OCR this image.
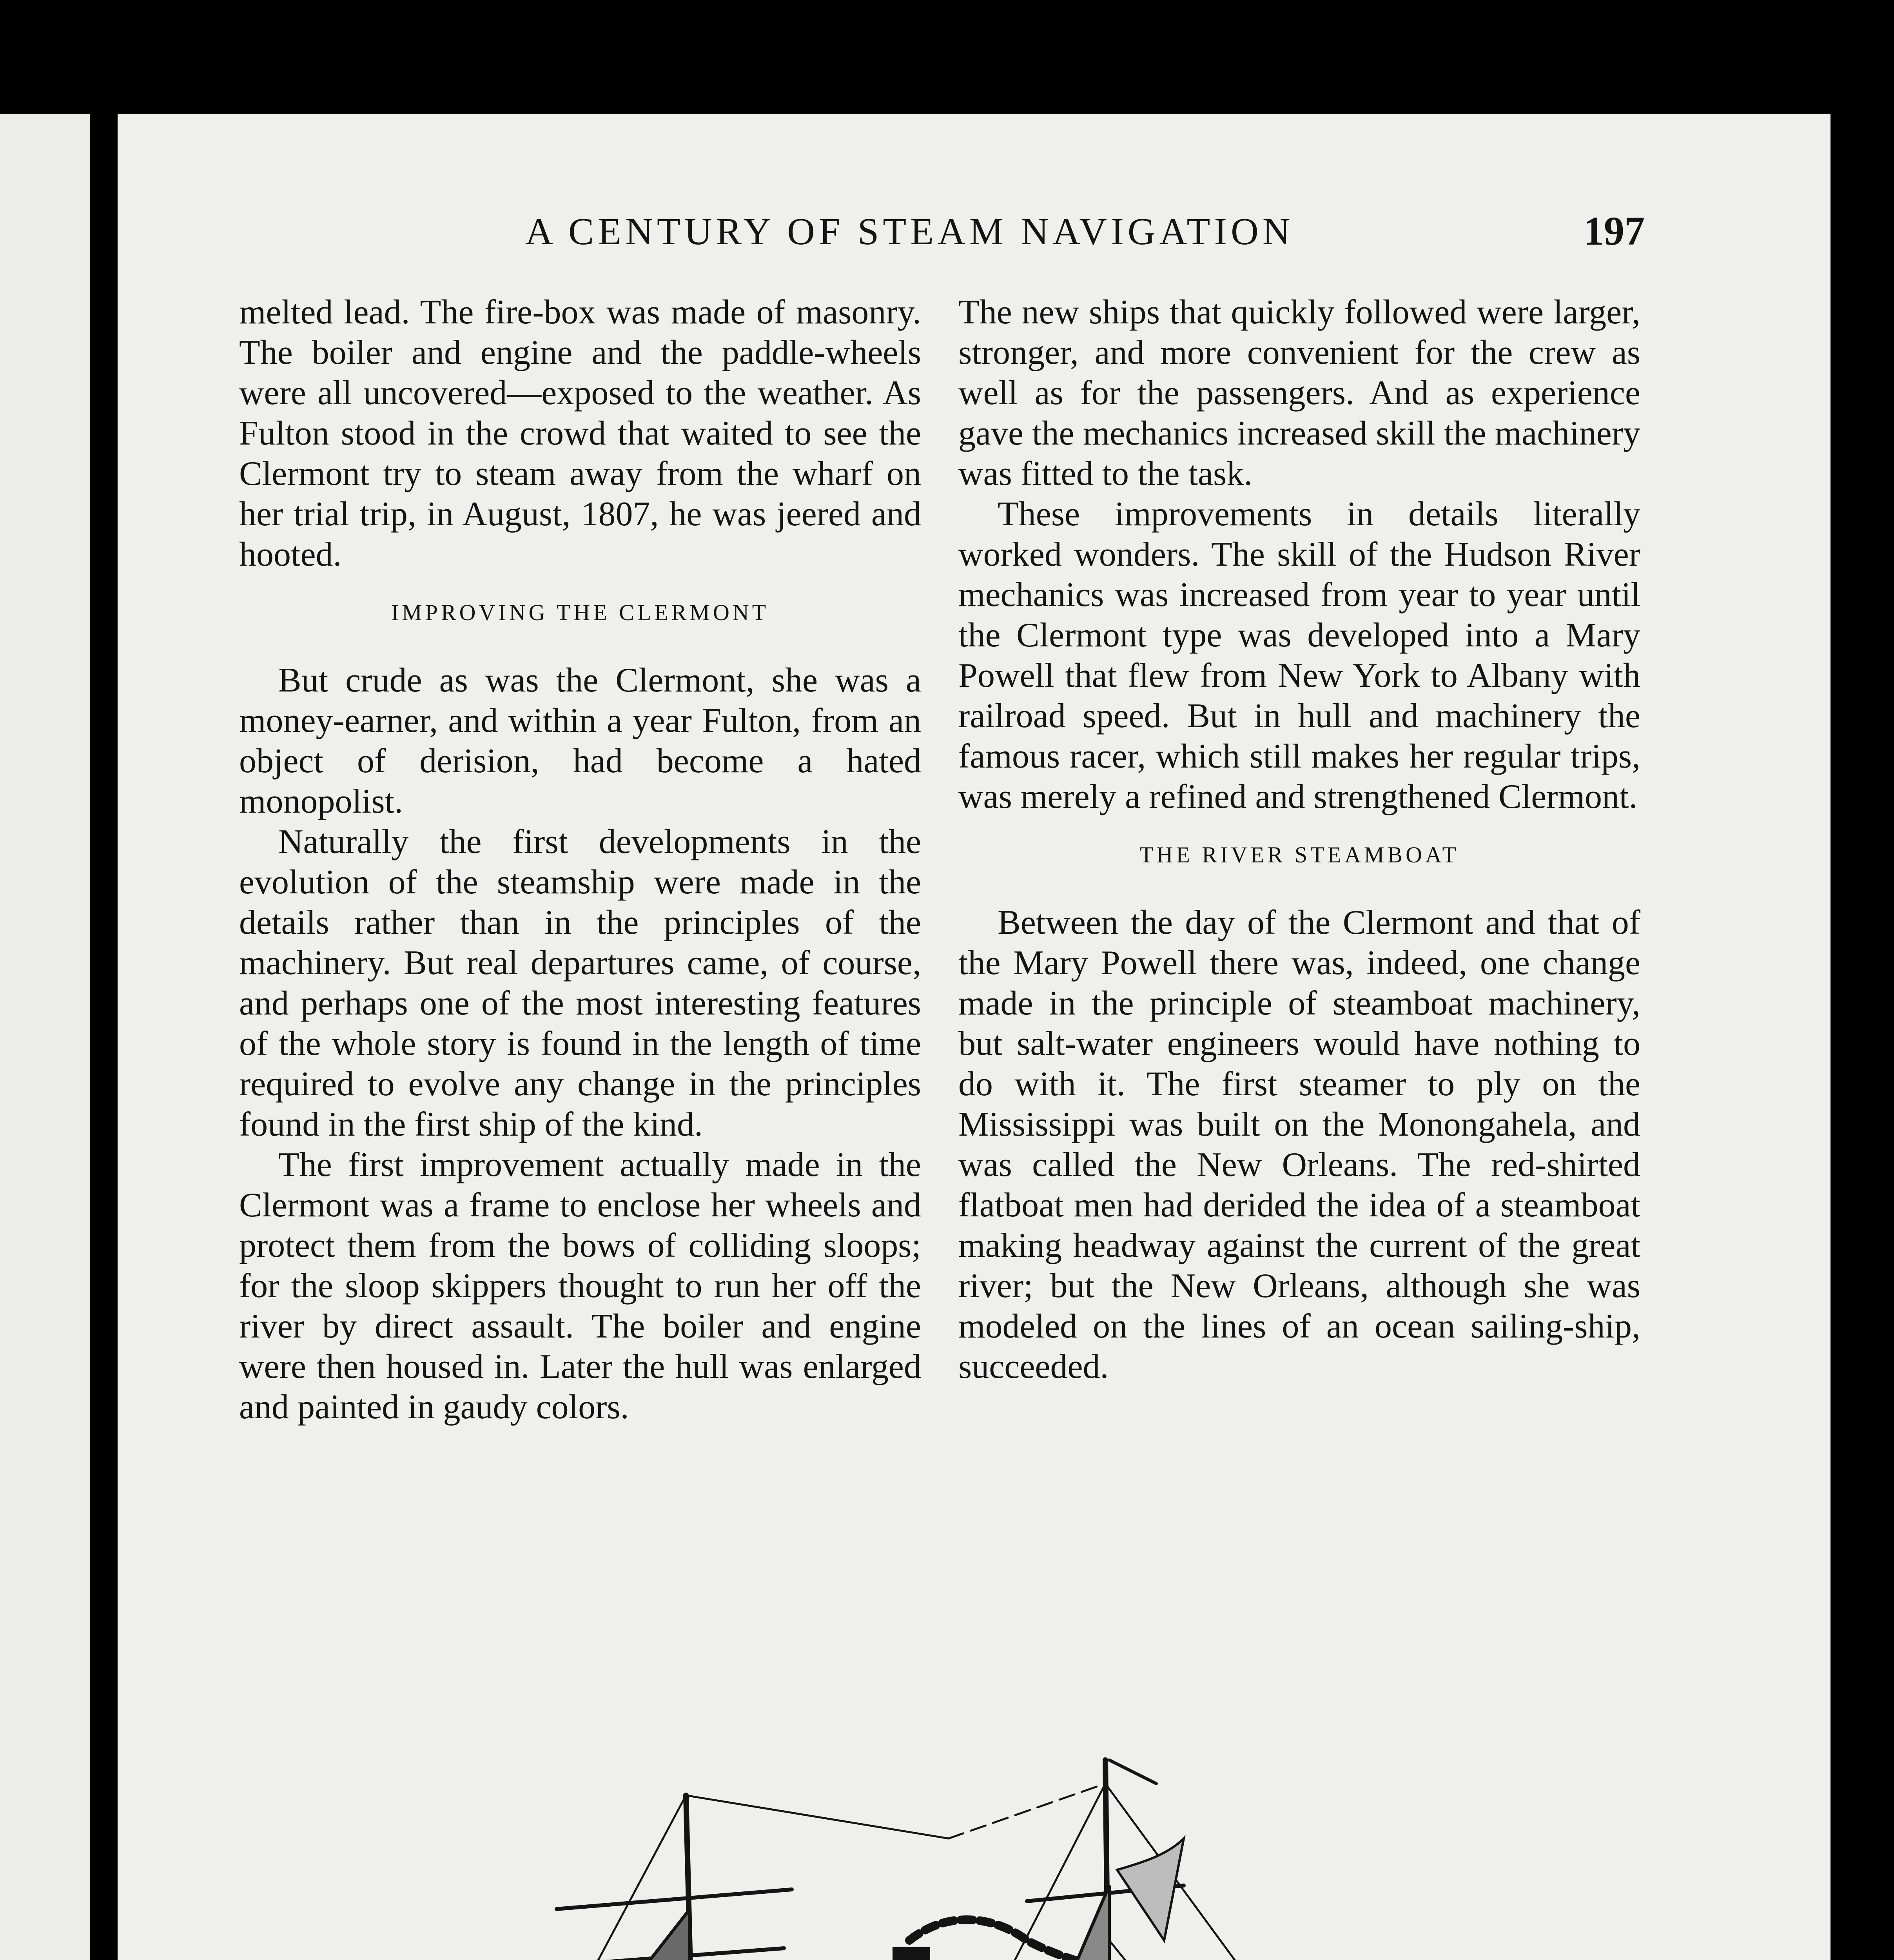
A CENTURY OF STEAM NAVIGATION	197

melted lead. The fire-box was made of masonry. The boiler and engine and the paddle-wheels were all uncovered—exposed to the weather. As Fulton stood in the crowd that waited to see the Clermont try to steam away from the wharf on her trial trip, in August, 1807, he was jeered and hooted.

IMPROVING THE CLERMONT

But crude as was the Clermont, she was a money-earner, and within a year Fulton, from an object of derision, had become a hated monopolist.

Naturally the first developments in the evolution of the steamship were made in the details rather than in the principles of the machinery. But real departures came, of course, and perhaps one of the most interesting features of the whole story is found in the length of time required to evolve any change in the principles found in the first ship of the kind.

The first improvement actually made in the Clermont was a frame to enclose her wheels and protect them from the bows of colliding sloops; for the sloop skippers thought to run her off the river by direct assault. The boiler and engine were then housed in. Later the hull was enlarged and painted in gaudy colors.

The new ships that quickly followed were larger, stronger, and more convenient for the crew as well as for the passengers. And as experience gave the mechanics increased skill the machinery was fitted to the task.

These improvements in details literally worked wonders. The skill of the Hudson River mechanics was increased from year to year until the Clermont type was developed into a Mary Powell that flew from New York to Albany with railroad speed. But in hull and machinery the famous racer, which still makes her regular trips, was merely a refined and strengthened Clermont.

THE RIVER STEAMBOAT

Between the day of the Clermont and that of the Mary Powell there was, indeed, one change made in the principle of steamboat machinery, but salt-water engineers would have nothing to do with it. The first steamer to ply on the Mississippi was built on the Monongahela, and was called the New Orleans. The red-shirted flatboat men had derided the idea of a steamboat making headway against the current of the great river; but the New Orleans, although she was modeled on the lines of an ocean sailing-ship, succeeded.
